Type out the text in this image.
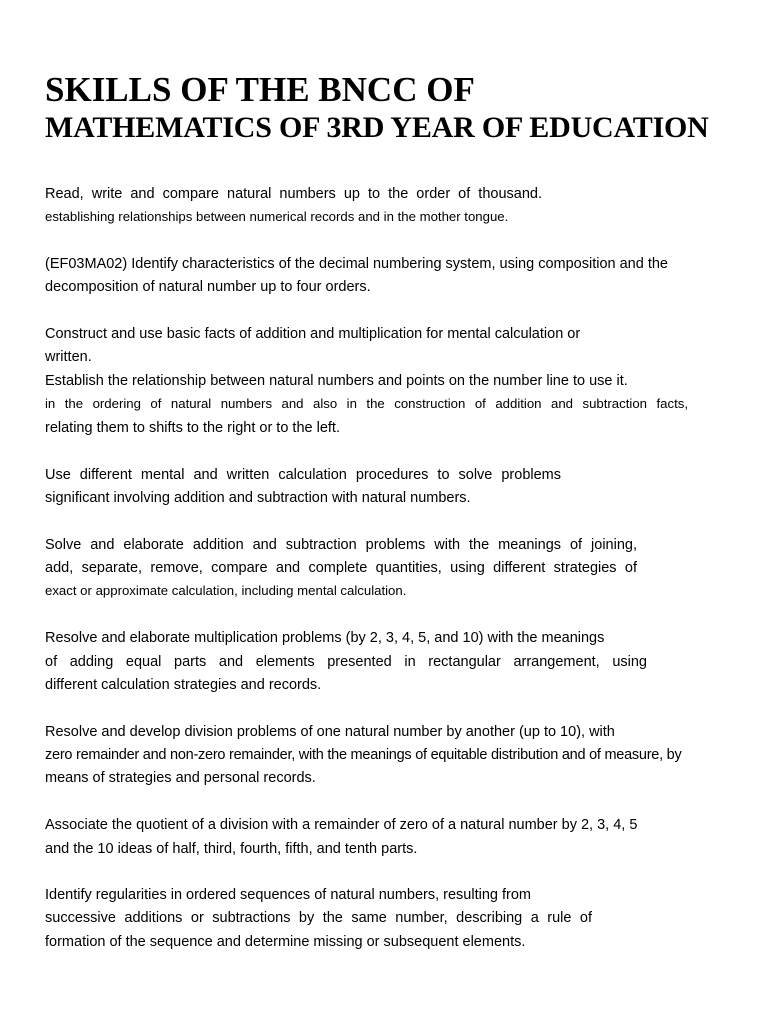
SKILLS OF THE BNCC OF
MATHEMATICS OF 3RD YEAR OF EDUCATION

Read, write and compare natural numbers up to the order of thousand.

establishing relationships between numerical records and in the mother tongue.

(EF03MA02) Identify characteristics of the decimal numbering system, using composition and the

decomposition of natural number up to four orders.

Construct and use basic facts of addition and multiplication for mental calculation or

written.

Establish the relationship between natural numbers and points on the number line to use it.

in the ordering of natural numbers and also in the construction of addition and subtraction facts,

relating them to shifts to the right or to the left.

Use different mental and written calculation procedures to solve problems

significant involving addition and subtraction with natural numbers.

Solve and elaborate addition and subtraction problems with the meanings of joining,

add, separate, remove, compare and complete quantities, using different strategies of

exact or approximate calculation, including mental calculation.

Resolve and elaborate multiplication problems (by 2, 3, 4, 5, and 10) with the meanings

of adding equal parts and elements presented in rectangular arrangement, using

different calculation strategies and records.

Resolve and develop division problems of one natural number by another (up to 10), with

zero remainder and non-zero remainder, with the meanings of equitable distribution and of measure, by

means of strategies and personal records.

Associate the quotient of a division with a remainder of zero of a natural number by 2, 3, 4, 5

and the 10 ideas of half, third, fourth, fifth, and tenth parts.

Identify regularities in ordered sequences of natural numbers, resulting from

successive additions or subtractions by the same number, describing a rule of

formation of the sequence and determine missing or subsequent elements.
